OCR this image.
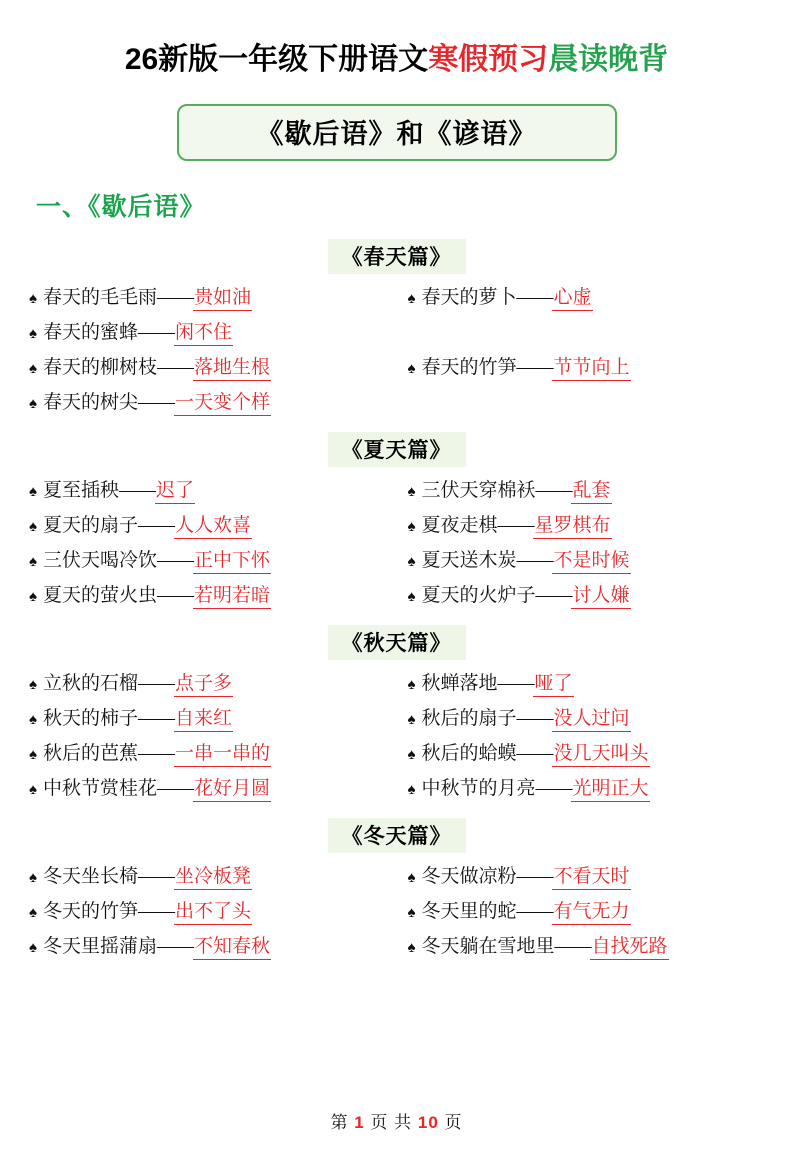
26新版一年级下册语文寒假预习晨读晚背
《歇后语》和《谚语》
一、《歇后语》
《春天篇》
♠ 春天的毛毛雨 —— 贵如油	♠ 春天的萝卜 —— 心虚
♠ 春天的蜜蜂 —— 闲不住
♠ 春天的柳树枝 —— 落地生根	♠ 春天的竹笋 —— 节节向上
♠ 春天的树尖 —— 一天变个样
《夏天篇》
♠ 夏至插秧 —— 迟了	♠ 三伏天穿棉袄 —— 乱套
♠ 夏天的扇子 —— 人人欢喜	♠ 夏夜走棋 —— 星罗棋布
♠ 三伏天喝冷饮 —— 正中下怀	♠ 夏天送木炭 —— 不是时候
♠ 夏天的萤火虫 —— 若明若暗	♠ 夏天的火炉子 —— 讨人嫌
《秋天篇》
♠ 立秋的石榴 —— 点子多	♠ 秋蝉落地 —— 哑了
♠ 秋天的柿子 —— 自来红	♠ 秋后的扇子 —— 没人过问
♠ 秋后的芭蕉 —— 一串一串的	♠ 秋后的蛤蟆 —— 没几天叫头
♠ 中秋节赏桂花 —— 花好月圆	♠ 中秋节的月亮 —— 光明正大
《冬天篇》
♠ 冬天坐长椅 —— 坐冷板凳	♠ 冬天做凉粉 —— 不看天时
♠ 冬天的竹笋 —— 出不了头	♠ 冬天里的蛇 —— 有气无力
♠ 冬天里摇蒲扇 —— 不知春秋	♠ 冬天躺在雪地里 —— 自找死路
第 1 页 共 10 页
